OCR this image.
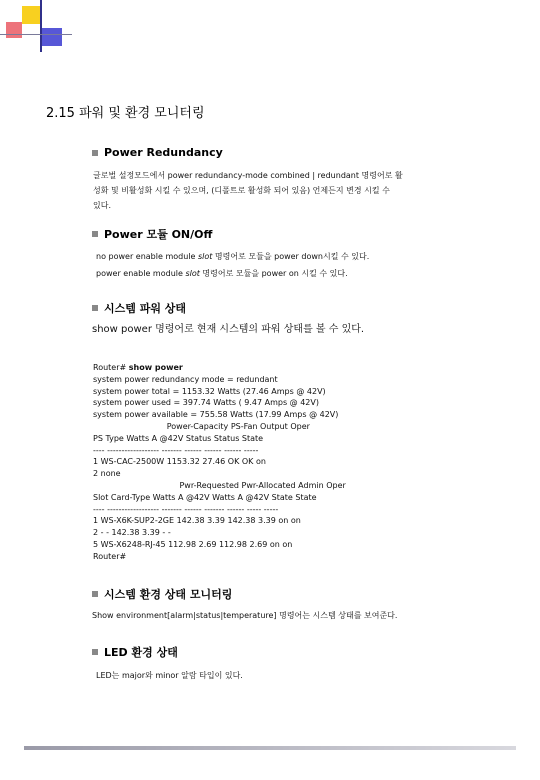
2.15 파워 및 환경 모니터링
Power Redundancy
글로벌 설정모드에서 power redundancy-mode combined | redundant 명령어로 활
성화 및 비활성화 시킬 수 있으며, (디폴트로 활성화 되어 있음) 언제든지 변경 시킬 수
있다.
Power 모듈 ON/Off
no power enable module slot 명령어로 모듈을 power down시킬 수 있다.
power enable module slot 명령어로 모듈을 power on 시킬 수 있다.
시스템 파워 상태
show power 명령어로 현재 시스템의 파워 상태를 볼 수 있다.
Router# show power
system power redundancy mode = redundant
system power total = 1153.32 Watts (27.46 Amps @ 42V)
system power used = 397.74 Watts ( 9.47 Amps @ 42V)
system power available = 755.58 Watts (17.99 Amps @ 42V)
Power-Capacity PS-Fan Output Oper
PS Type Watts A @42V Status Status State
---- ------------------ ------- ------ ------ ------ -----
1 WS-CAC-2500W 1153.32 27.46 OK OK on
2 none
Pwr-Requested Pwr-Allocated Admin Oper
Slot Card-Type Watts A @42V Watts A @42V State State
---- ------------------ ------- ------ ------- ------ ----- -----
1 WS-X6K-SUP2-2GE 142.38 3.39 142.38 3.39 on on
2 - - 142.38 3.39 - -
5 WS-X6248-RJ-45 112.98 2.69 112.98 2.69 on on
Router#
시스템 환경 상태 모니터링
Show environment[alarm|status|temperature] 명령어는 시스템 상태를 보여준다.
LED 환경 상태
LED는 major와 minor 알람 타입이 있다.
